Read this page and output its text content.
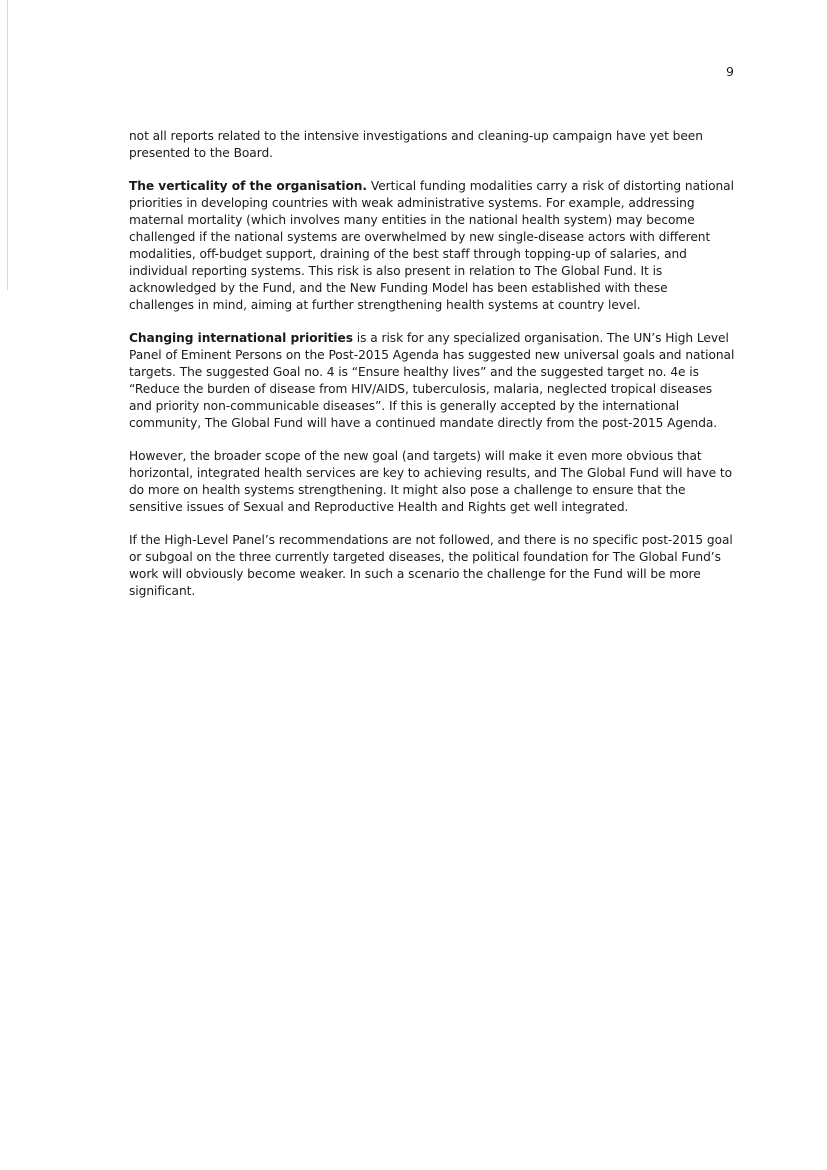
9

not all reports related to the intensive investigations and cleaning-up campaign have yet been presented to the Board.

The verticality of the organisation. Vertical funding modalities carry a risk of distorting national priorities in developing countries with weak administrative systems. For example, addressing maternal mortality (which involves many entities in the national health system) may become challenged if the national systems are overwhelmed by new single-disease actors with different modalities, off-budget support, draining of the best staff through topping-up of salaries, and individual reporting systems. This risk is also present in relation to The Global Fund. It is acknowledged by the Fund, and the New Funding Model has been established with these challenges in mind, aiming at further strengthening health systems at country level.

Changing international priorities is a risk for any specialized organisation. The UN’s High Level Panel of Eminent Persons on the Post-2015 Agenda has suggested new universal goals and national targets. The suggested Goal no. 4 is “Ensure healthy lives” and the suggested target no. 4e is “Reduce the burden of disease from HIV/AIDS, tuberculosis, malaria, neglected tropical diseases and priority non-communicable diseases”. If this is generally accepted by the international community, The Global Fund will have a continued mandate directly from the post-2015 Agenda.

However, the broader scope of the new goal (and targets) will make it even more obvious that horizontal, integrated health services are key to achieving results, and The Global Fund will have to do more on health systems strengthening. It might also pose a challenge to ensure that the sensitive issues of Sexual and Reproductive Health and Rights get well integrated.

If the High-Level Panel’s recommendations are not followed, and there is no specific post-2015 goal or subgoal on the three currently targeted diseases, the political foundation for The Global Fund’s work will obviously become weaker. In such a scenario the challenge for the Fund will be more significant.
